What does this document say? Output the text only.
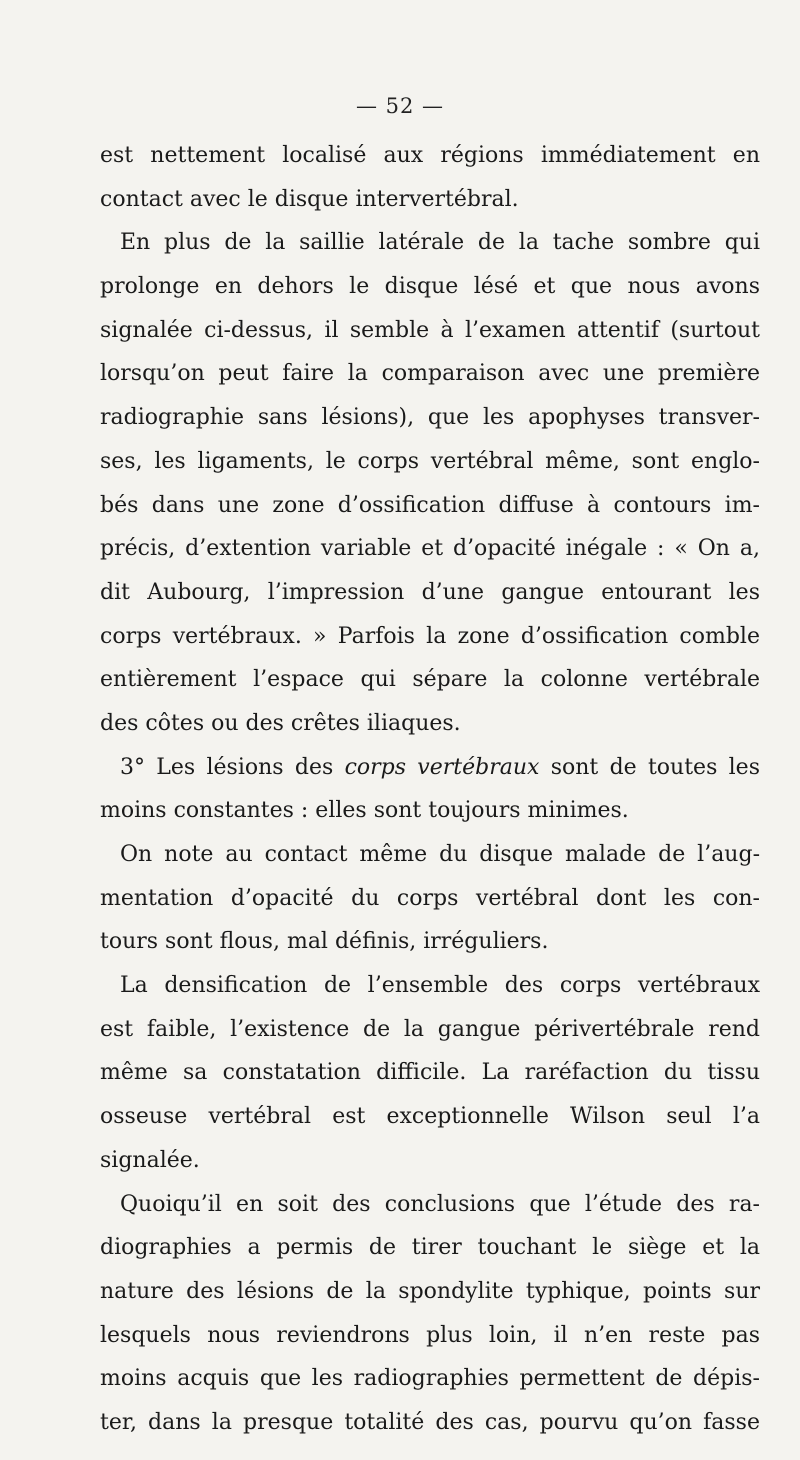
— 52 —
est nettement localisé aux régions immédiatement en
contact avec le disque intervertébral.
En plus de la saillie latérale de la tache sombre qui
prolonge en dehors le disque lésé et que nous avons
signalée ci-dessus, il semble à l’examen attentif (surtout
lorsqu’on peut faire la comparaison avec une première
radiographie sans lésions), que les apophyses transver-
ses, les ligaments, le corps vertébral même, sont englo-
bés dans une zone d’ossification diffuse à contours im-
précis, d’extention variable et d’opacité inégale : « On a,
dit Aubourg, l’impression d’une gangue entourant les
corps vertébraux. » Parfois la zone d’ossification comble
entièrement l’espace qui sépare la colonne vertébrale
des côtes ou des crêtes iliaques.
3° Les lésions des corps vertébraux sont de toutes les
moins constantes : elles sont toujours minimes.
On note au contact même du disque malade de l’aug-
mentation d’opacité du corps vertébral dont les con-
tours sont flous, mal définis, irréguliers.
La densification de l’ensemble des corps vertébraux
est faible, l’existence de la gangue périvertébrale rend
même sa constatation difficile. La raréfaction du tissu
osseuse vertébral est exceptionnelle Wilson seul l’a
signalée.
Quoiqu’il en soit des conclusions que l’étude des ra-
diographies a permis de tirer touchant le siège et la
nature des lésions de la spondylite typhique, points sur
lesquels nous reviendrons plus loin, il n’en reste pas
moins acquis que les radiographies permettent de dépis-
ter, dans la presque totalité des cas, pourvu qu’on fasse
